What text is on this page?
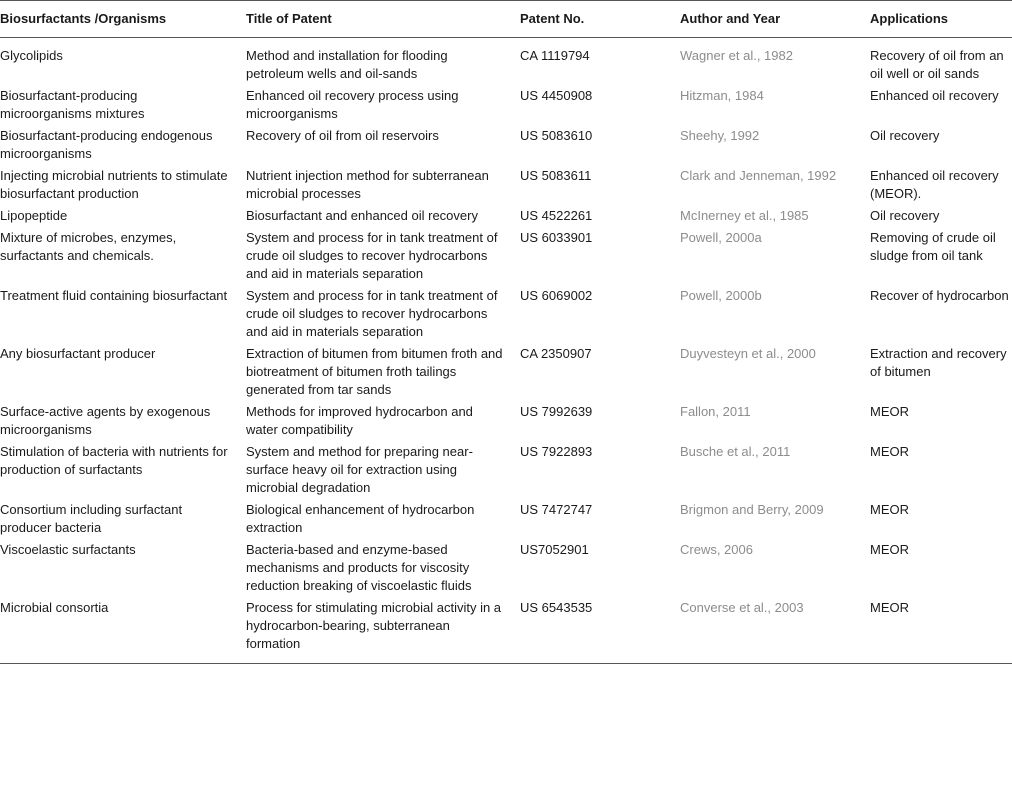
Biosurfactants /Organisms	Title of Patent	Patent No.	Author and Year	Applications

Glycolipids	Method and installation for flooding petroleum wells and oil-sands	CA 1119794	Wagner et al., 1982	Recovery of oil from an oil well or oil sands

Biosurfactant-producing microorganisms mixtures	Enhanced oil recovery process using microorganisms	US 4450908	Hitzman, 1984	Enhanced oil recovery

Biosurfactant-producing endogenous microorganisms	Recovery of oil from oil reservoirs	US 5083610	Sheehy, 1992	Oil recovery

Injecting microbial nutrients to stimulate biosurfactant production	Nutrient injection method for subterranean microbial processes	US 5083611	Clark and Jenneman, 1992	Enhanced oil recovery (MEOR).

Lipopeptide	Biosurfactant and enhanced oil recovery	US 4522261	McInerney et al., 1985	Oil recovery

Mixture of microbes, enzymes, surfactants and chemicals.	System and process for in tank treatment of crude oil sludges to recover hydrocarbons and aid in materials separation	US 6033901	Powell, 2000a	Removing of crude oil sludge from oil tank

Treatment fluid containing biosurfactant	System and process for in tank treatment of crude oil sludges to recover hydrocarbons and aid in materials separation	US 6069002	Powell, 2000b	Recover of hydrocarbon

Any biosurfactant producer	Extraction of bitumen from bitumen froth and biotreatment of bitumen froth tailings generated from tar sands	CA 2350907	Duyvesteyn et al., 2000	Extraction and recovery of bitumen

Surface-active agents by exogenous microorganisms	Methods for improved hydrocarbon and water compatibility	US 7992639	Fallon, 2011	MEOR

Stimulation of bacteria with nutrients for production of surfactants	System and method for preparing near-surface heavy oil for extraction using microbial degradation	US 7922893	Busche et al., 2011	MEOR

Consortium including surfactant producer bacteria	Biological enhancement of hydrocarbon extraction	US 7472747	Brigmon and Berry, 2009	MEOR

Viscoelastic surfactants	Bacteria-based and enzyme-based mechanisms and products for viscosity reduction breaking of viscoelastic fluids	US7052901	Crews, 2006	MEOR

Microbial consortia	Process for stimulating microbial activity in a hydrocarbon-bearing, subterranean formation	US 6543535	Converse et al., 2003	MEOR
